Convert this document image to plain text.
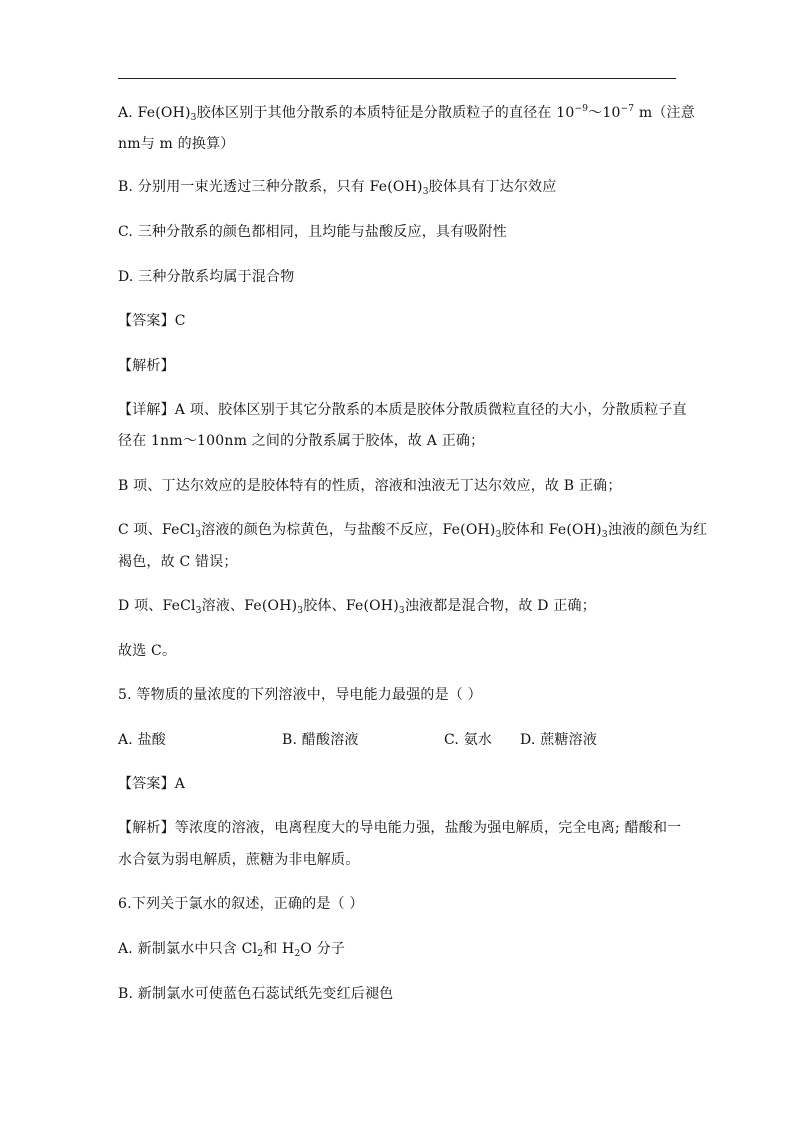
A. $Fe(OH)_3$胶体区别于其他分散系的本质特征是分散质粒子的直径在 $10^{-9}\sim 10^{-7}$ m（注意
nm与 m 的换算）
B. 分别用一束光透过三种分散系，只有 $Fe(OH)_3$胶体具有丁达尔效应
C. 三种分散系的颜色都相同，且均能与盐酸反应，具有吸附性
D. 三种分散系均属于混合物
【答案】C
【解析】
【详解】A 项、胶体区别于其它分散系的本质是胶体分散质微粒直径的大小，分散质粒子直
径在 1nm～100nm 之间的分散系属于胶体，故 A 正确；
B 项、丁达尔效应的是胶体特有的性质，溶液和浊液无丁达尔效应，故 B 正确；
C 项、FeCl$_3$溶液的颜色为棕黄色，与盐酸不反应，$Fe(OH)_3$胶体和 $Fe(OH)_3$浊液的颜色为红
褐色，故 C 错误；
D 项、FeCl$_3$溶液、$Fe(OH)_3$胶体、$Fe(OH)_3$浊液都是混合物，故 D 正确；
故选 C。
5. 等物质的量浓度的下列溶液中，导电能力最强的是（ ）
A. 盐酸	B. 醋酸溶液	C. 氨水 D. 蔗糖溶液
【答案】A
【解析】等浓度的溶液，电离程度大的导电能力强，盐酸为强电解质，完全电离; 醋酸和一
水合氨为弱电解质，蔗糖为非电解质。
6.下列关于氯水的叙述，正确的是（ ）
A. 新制氯水中只含 $Cl_2$和 $H_2O$ 分子
B. 新制氯水可使蓝色石蕊试纸先变红后褪色
